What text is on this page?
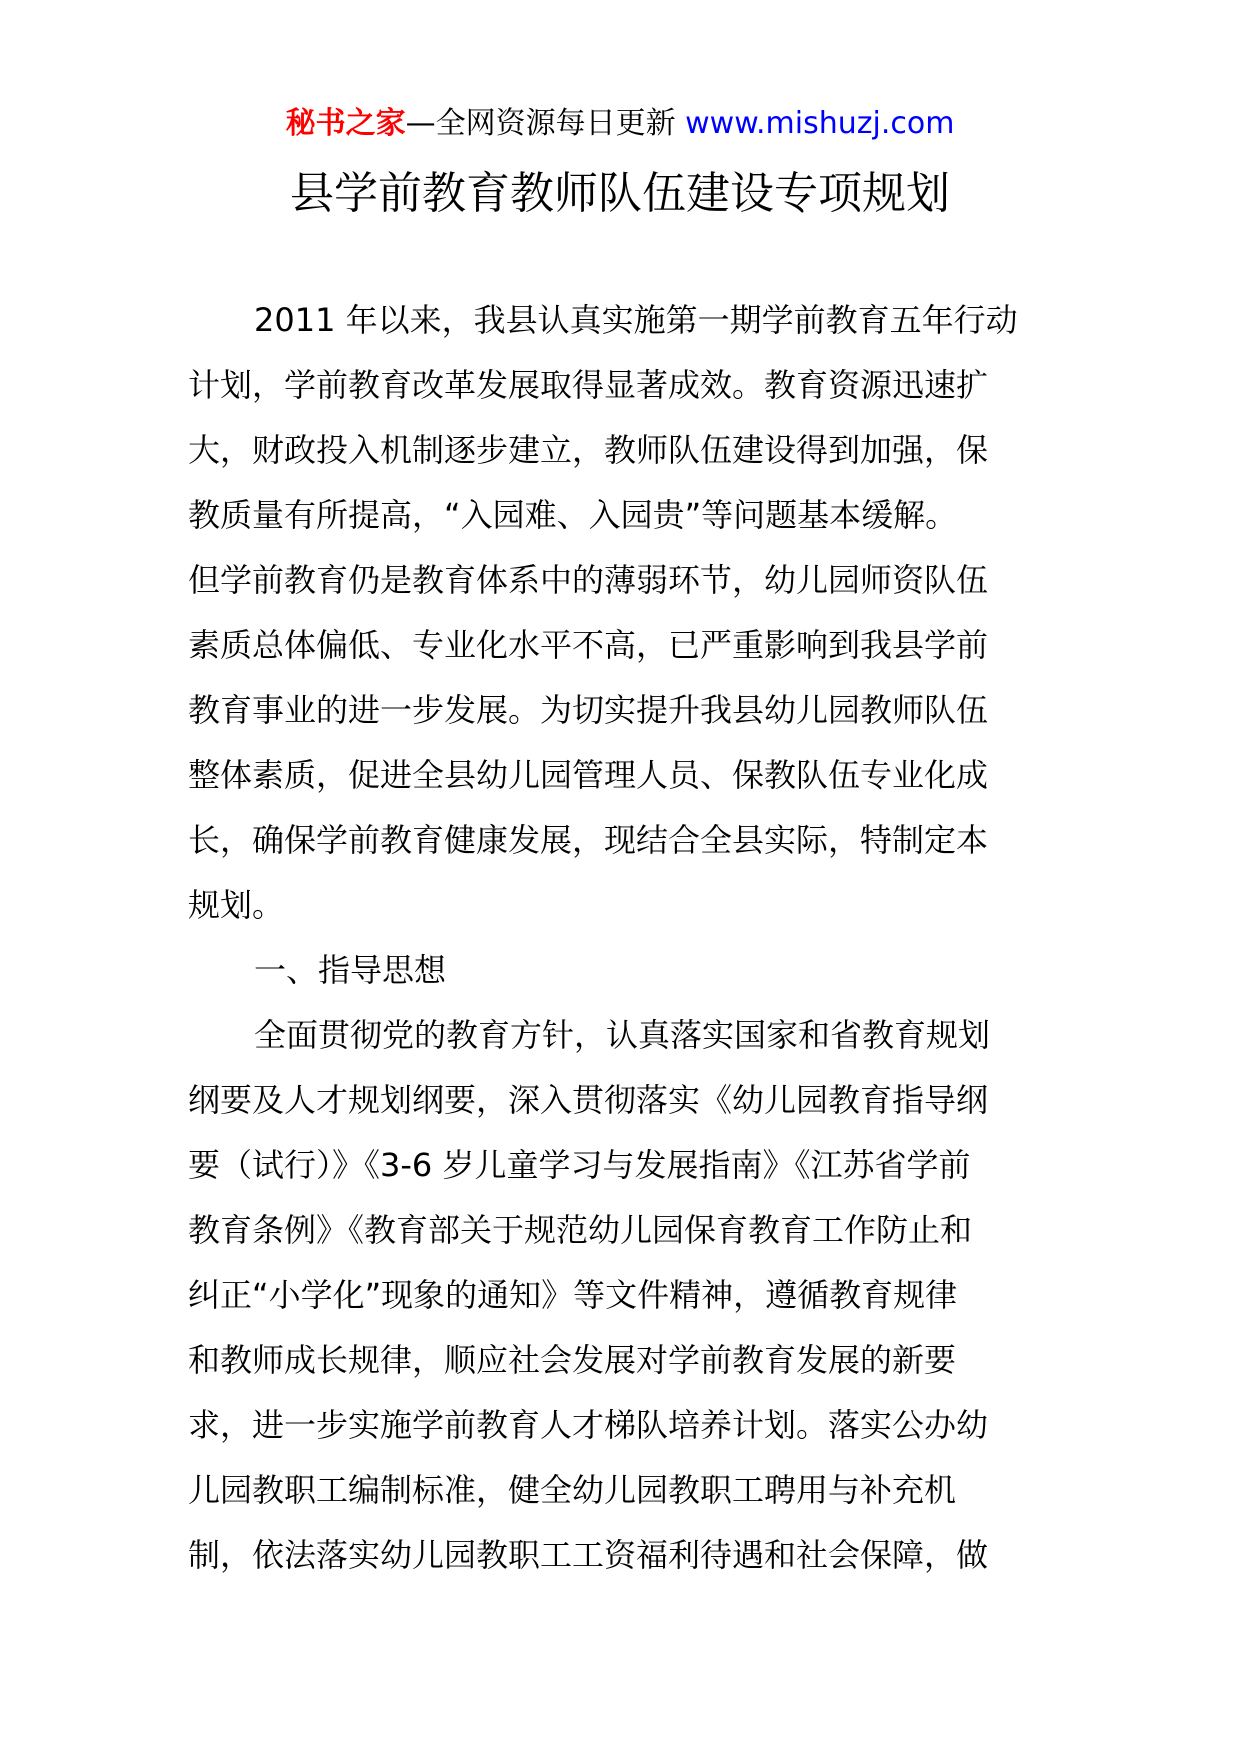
秘书之家—全网资源每日更新 www.mishuzj.com
县学前教育教师队伍建设专项规划
2011 年以来，我县认真实施第一期学前教育五年行动
计划，学前教育改革发展取得显著成效。教育资源迅速扩
大，财政投入机制逐步建立，教师队伍建设得到加强，保
教质量有所提高，“入园难、入园贵”等问题基本缓解。
但学前教育仍是教育体系中的薄弱环节，幼儿园师资队伍
素质总体偏低、专业化水平不高，已严重影响到我县学前
教育事业的进一步发展。为切实提升我县幼儿园教师队伍
整体素质，促进全县幼儿园管理人员、保教队伍专业化成
长，确保学前教育健康发展，现结合全县实际，特制定本
规划。
一、指导思想
全面贯彻党的教育方针，认真落实国家和省教育规划
纲要及人才规划纲要，深入贯彻落实《幼儿园教育指导纲
要（试行）》《3-6 岁儿童学习与发展指南》《江苏省学前
教育条例》《教育部关于规范幼儿园保育教育工作防止和
纠正“小学化”现象的通知》等文件精神，遵循教育规律
和教师成长规律，顺应社会发展对学前教育发展的新要
求，进一步实施学前教育人才梯队培养计划。落实公办幼
儿园教职工编制标准，健全幼儿园教职工聘用与补充机
制，依法落实幼儿园教职工工资福利待遇和社会保障，做
